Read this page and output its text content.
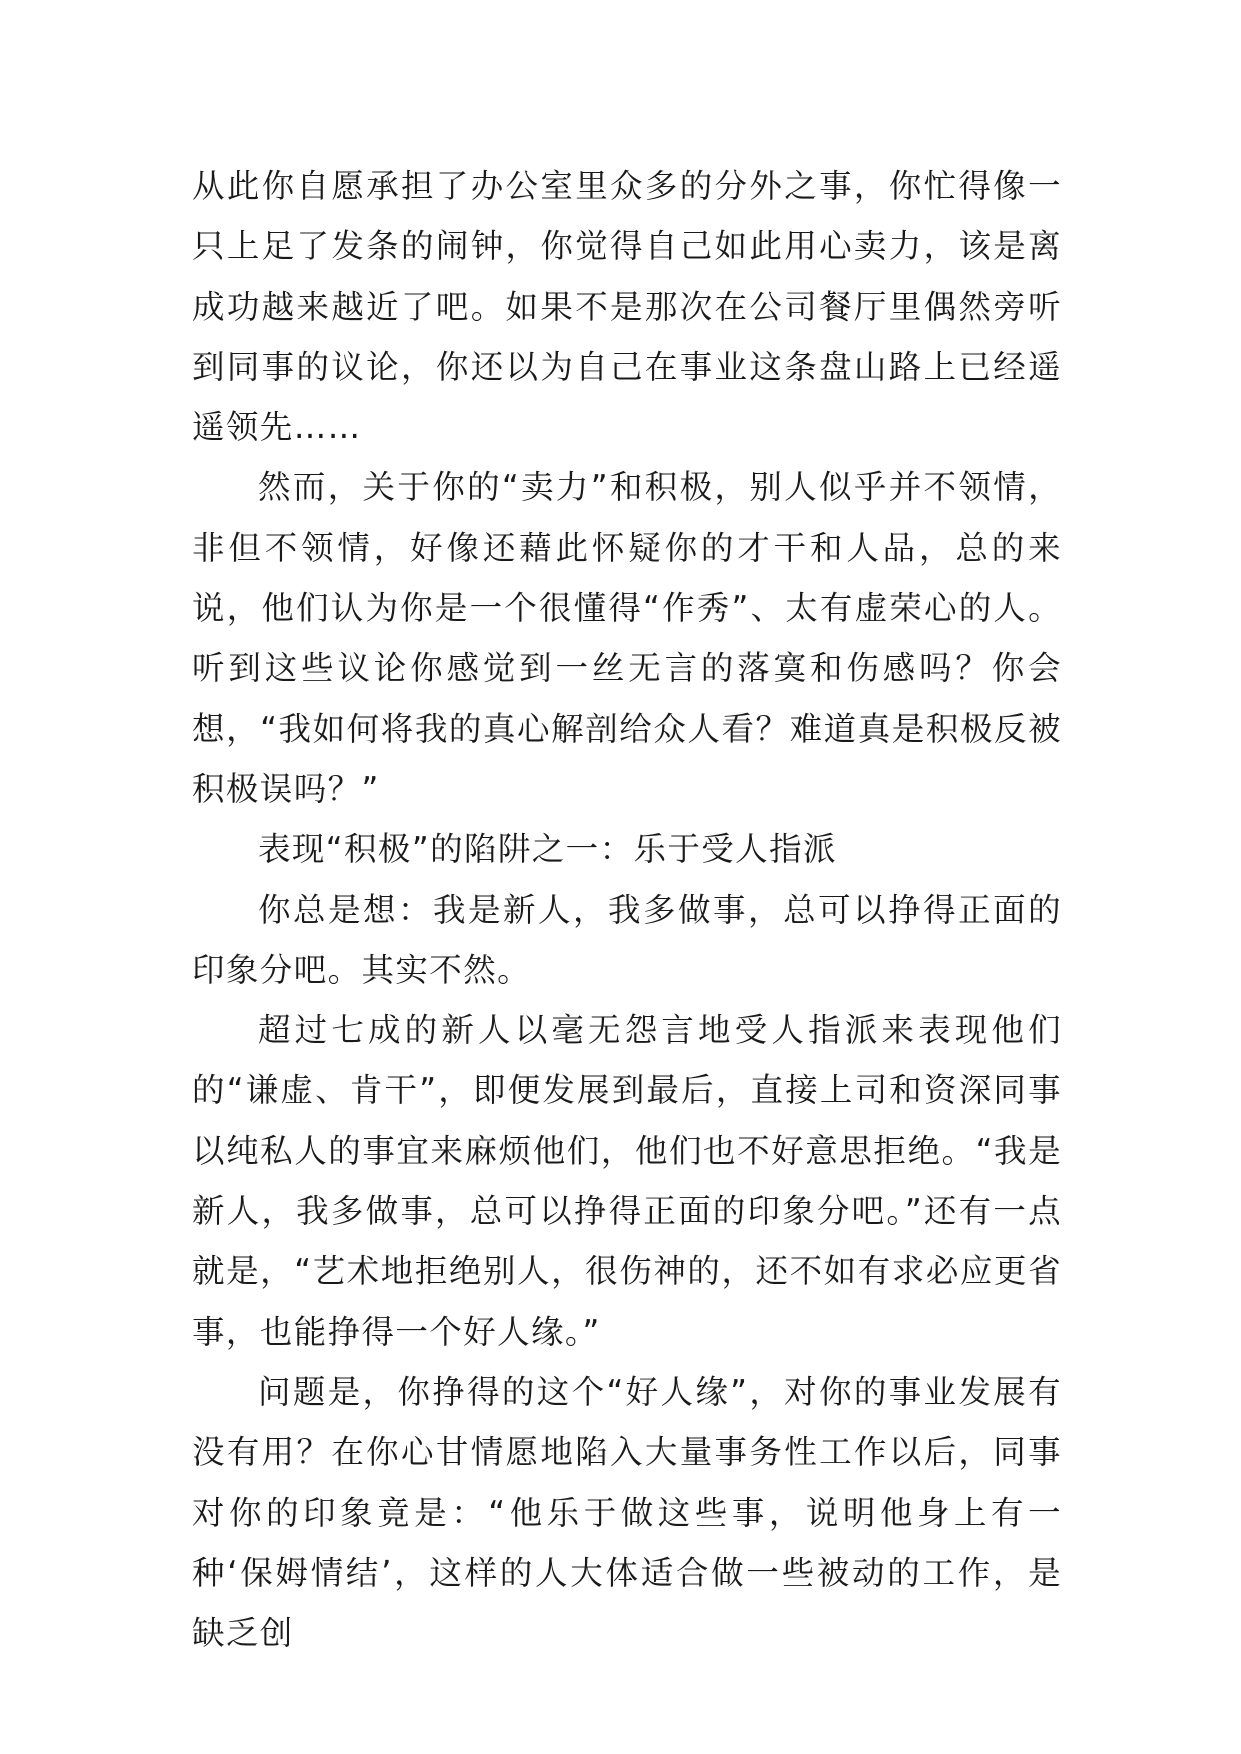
从此你自愿承担了办公室里众多的分外之事，你忙得像一只上足了发条的闹钟，你觉得自己如此用心卖力，该是离成功越来越近了吧。如果不是那次在公司餐厅里偶然旁听到同事的议论，你还以为自己在事业这条盘山路上已经遥遥领先……

然而，关于你的“卖力”和积极，别人似乎并不领情，非但不领情，好像还藉此怀疑你的才干和人品，总的来说，他们认为你是一个很懂得“作秀”、太有虚荣心的人。听到这些议论你感觉到一丝无言的落寞和伤感吗？你会想，“我如何将我的真心解剖给众人看？难道真是积极反被积极误吗？”

表现“积极”的陷阱之一：乐于受人指派

你总是想：我是新人，我多做事，总可以挣得正面的印象分吧。其实不然。

超过七成的新人以毫无怨言地受人指派来表现他们的“谦虚、肯干”，即便发展到最后，直接上司和资深同事以纯私人的事宜来麻烦他们，他们也不好意思拒绝。“我是新人，我多做事，总可以挣得正面的印象分吧。”还有一点就是，“艺术地拒绝别人，很伤神的，还不如有求必应更省事，也能挣得一个好人缘。”

问题是，你挣得的这个“好人缘”，对你的事业发展有没有用？在你心甘情愿地陷入大量事务性工作以后，同事对你的印象竟是：“他乐于做这些事，说明他身上有一种‘保姆情结’，这样的人大体适合做一些被动的工作，是缺乏创
